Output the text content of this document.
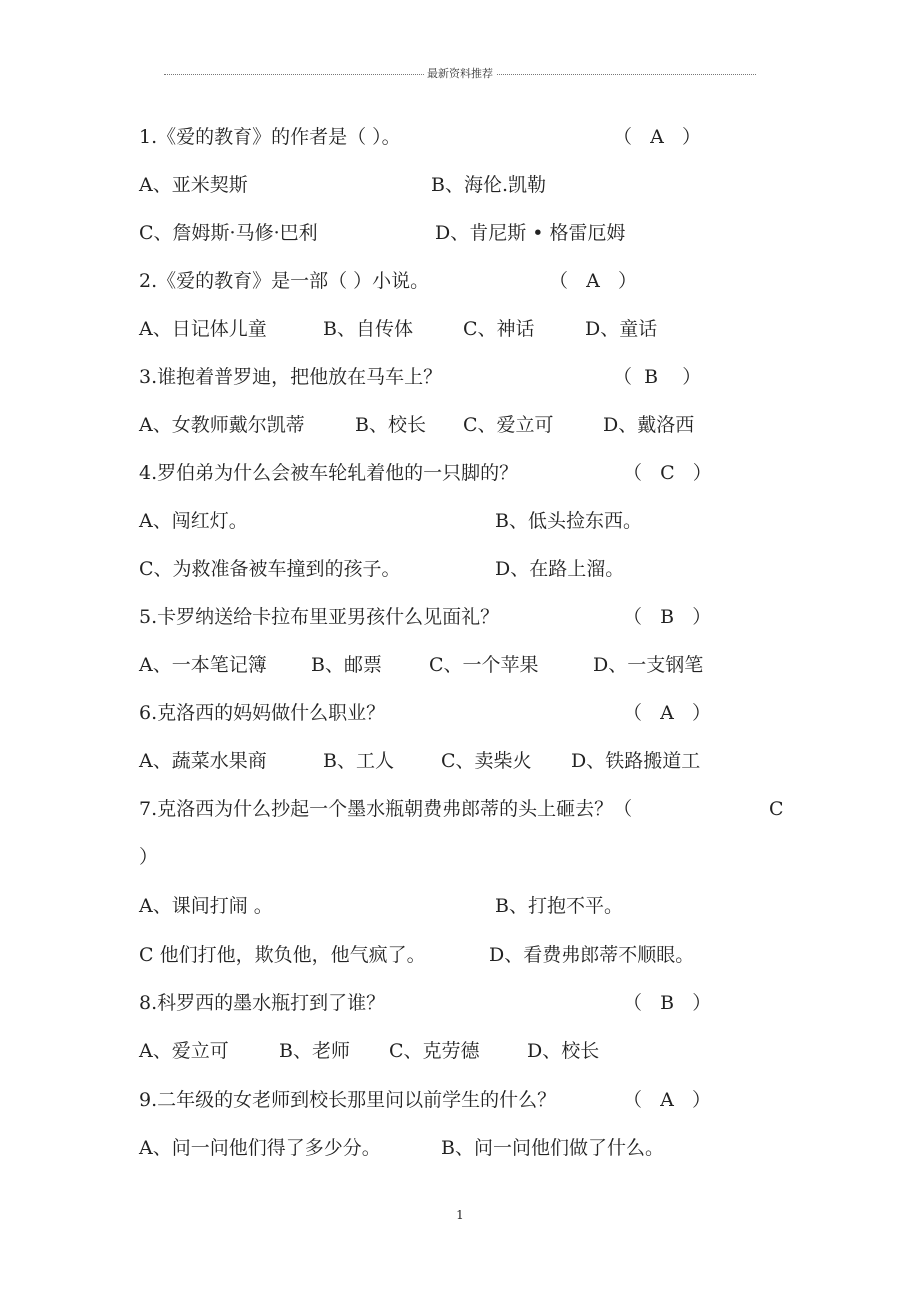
最新资料推荐
1.《爱的教育》的作者是（ ）。	（   A   ）
A、亚米契斯	B、海伦.凯勒
C、詹姆斯·马修·巴利	D、肯尼斯 • 格雷厄姆
2.《爱的教育》是一部（ ）小说。	（   A   ）
A、日记体儿童	B、自传体	C、神话	D、童话
3.谁抱着普罗迪，把他放在马车上？	（  B    ）
A、女教师戴尔凯蒂	B、校长 C、爱立可	D、戴洛西
4.罗伯弟为什么会被车轮轧着他的一只脚的？	（   C   ）
A、闯红灯。	B、低头捡东西。
C、为救准备被车撞到的孩子。	D、在路上溜。
5.卡罗纳送给卡拉布里亚男孩什么见面礼？	（   B   ）
A、一本笔记簿 B、邮票 C、一个苹果	D、一支钢笔
6.克洛西的妈妈做什么职业？	（   A   ）
A、蔬菜水果商	B、工人 C、卖柴火 D、铁路搬道工
7.克洛西为什么抄起一个墨水瓶朝费弗郎蒂的头上砸去？（	C
）
A、课间打闹 。	B、打抱不平。
C 他们打他，欺负他，他气疯了。	D、看费弗郎蒂不顺眼。
8.科罗西的墨水瓶打到了谁？	（   B   ）
A、爱立可	B、老师 C、克劳德 D、校长
9.二年级的女老师到校长那里问以前学生的什么？	（   A   ）
A、问一问他们得了多少分。	B、问一问他们做了什么。
1
